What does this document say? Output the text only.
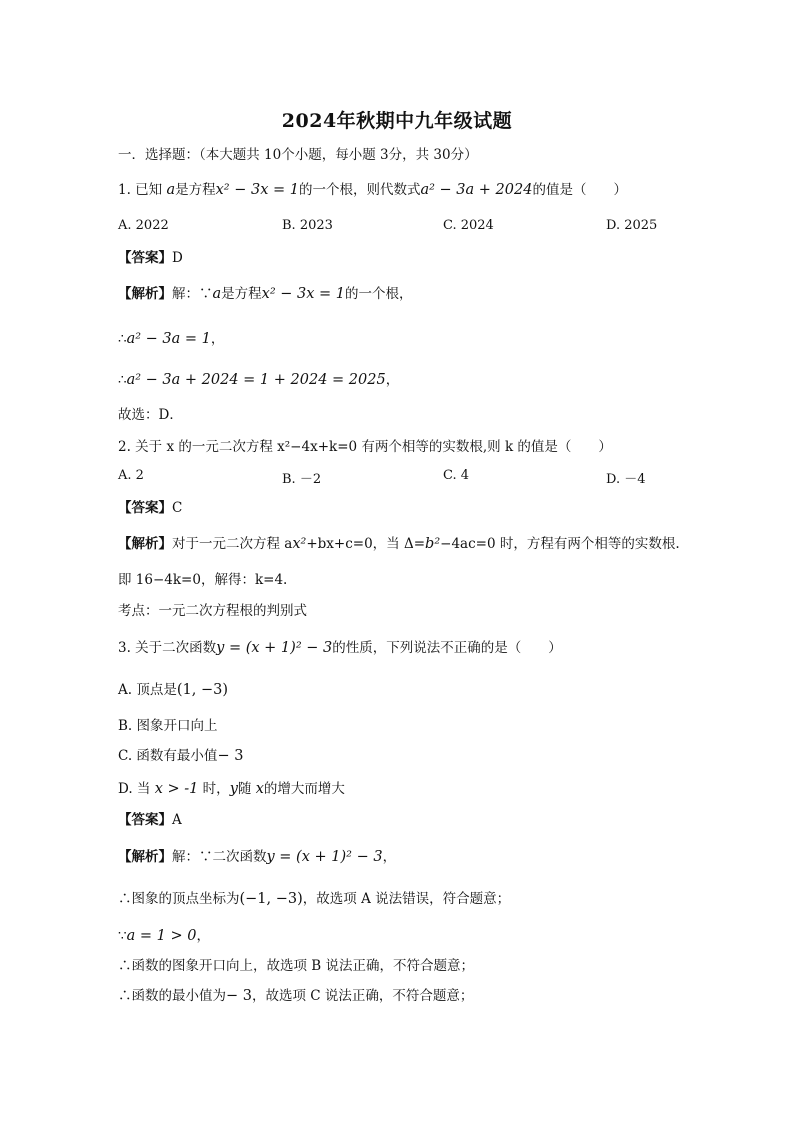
2024年秋期中九年级试题
一．选择题：（本大题共 10个小题，每小题 3分，共 30分）
1. 已知 a是方程x² − 3x = 1的一个根，则代数式a² − 3a + 2024的值是（　　）
A. 2022	B. 2023	C. 2024	D. 2025
【答案】D
【解析】解：∵a是方程x² − 3x = 1的一个根，
∴a² − 3a = 1，
∴a² − 3a + 2024 = 1 + 2024 = 2025，
故选：D．
2. 关于 x 的一元二次方程 x²−4x+k=0 有两个相等的实数根,则 k 的值是（　　）
A. 2	B. －2	C. 4	D. －4
【答案】C
【解析】对于一元二次方程 ax²+bx+c=0，当 Δ=b²−4ac=0 时，方程有两个相等的实数根.
即 16−4k=0，解得：k=4.
考点：一元二次方程根的判别式
3. 关于二次函数y = (x + 1)² − 3的性质，下列说法不正确的是（　　）
A. 顶点是(1, −3)
B. 图象开口向上
C. 函数有最小值− 3
D. 当 x > -1 时，y随 x的增大而增大
【答案】A
【解析】解：∵二次函数y = (x + 1)² − 3，
∴图象的顶点坐标为(−1, −3)，故选项 A 说法错误，符合题意；
∵a = 1 > 0，
∴函数的图象开口向上，故选项 B 说法正确，不符合题意；
∴函数的最小值为− 3，故选项 C 说法正确，不符合题意；
